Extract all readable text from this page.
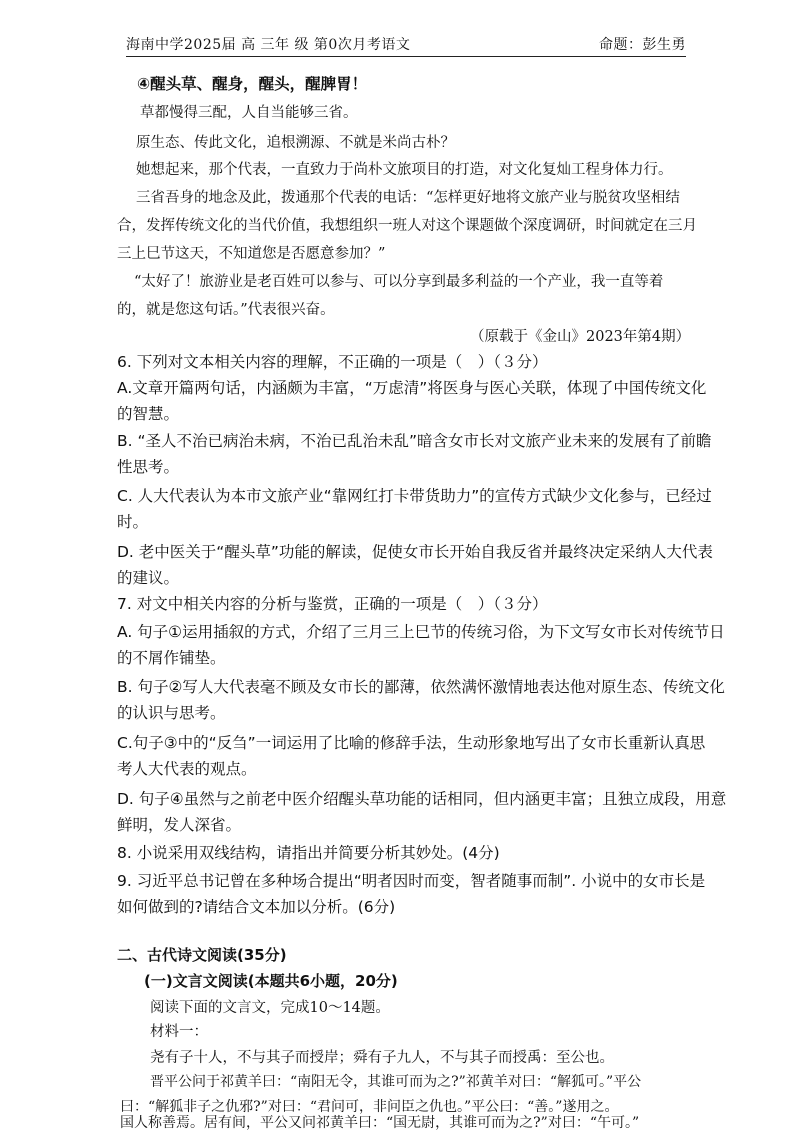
海南中学2025届 高 三年 级 第0次月考语文	命题：彭生勇
④醒头草、醒身，醒头，醒脾胃！
草都慢得三配，人自当能够三省。
原生态、传此文化，追根溯源、不就是米尚古朴？
她想起来，那个代表，一直致力于尚朴文旅项目的打造，对文化复灿工程身体力行。
三省吾身的地念及此，拨通那个代表的电话：“怎样更好地将文旅产业与脱贫攻坚相结
合，发挥传统文化的当代价值，我想组织一班人对这个课题做个深度调研，时间就定在三月
三上巳节这天，不知道您是否愿意参加？”
“太好了！旅游业是老百姓可以参与、可以分享到最多利益的一个产业，我一直等着
的，就是您这句话。”代表很兴奋。
（原载于《金山》2023年第4期）
6. 下列对文本相关内容的理解，不正确的一项是（　）（３分）
A.文章开篇两句话，内涵颇为丰富，“万虑清”将医身与医心关联，体现了中国传统文化
的智慧。
B. “圣人不治已病治未病，不治已乱治未乱”暗含女市长对文旅产业未来的发展有了前瞻
性思考。
C. 人大代表认为本市文旅产业“靠网红打卡带货助力”的宣传方式缺少文化参与，已经过
时。
D. 老中医关于“醒头草”功能的解读，促使女市长开始自我反省并最终决定采纳人大代表
的建议。
7. 对文中相关内容的分析与鉴赏，正确的一项是（　）（３分）
A. 句子①运用插叙的方式，介绍了三月三上巳节的传统习俗，为下文写女市长对传统节日
的不屑作铺垫。
B. 句子②写人大代表毫不顾及女市长的鄙薄，依然满怀激情地表达他对原生态、传统文化
的认识与思考。
C.句子③中的“反刍”一词运用了比喻的修辞手法，生动形象地写出了女市长重新认真思
考人大代表的观点。
D. 句子④虽然与之前老中医介绍醒头草功能的话相同，但内涵更丰富；且独立成段，用意
鲜明，发人深省。
8. 小说采用双线结构，请指出并简要分析其妙处。(4分)
9. 习近平总书记曾在多种场合提出“明者因时而变，智者随事而制”. 小说中的女市长是
如何做到的?请结合文本加以分析。(6分)
二、古代诗文阅读(35分)
(一)文言文阅读(本题共6小题，20分)
阅读下面的文言文，完成10～14题。
材料一：
尧有子十人，不与其子而授岸；舜有子九人，不与其子而授禹：至公也。
晋平公问于祁黄羊曰：“南阳无令，其谁可而为之?”祁黄羊对曰：“解狐可。”平公
曰：“解狐非子之仇邪?”对曰：“君问可，非问臣之仇也。”平公曰：“善。”遂用之。
国人称善焉。居有间，平公又问祁黄羊曰：“国无尉，其谁可而为之?”对曰：“午可。”
